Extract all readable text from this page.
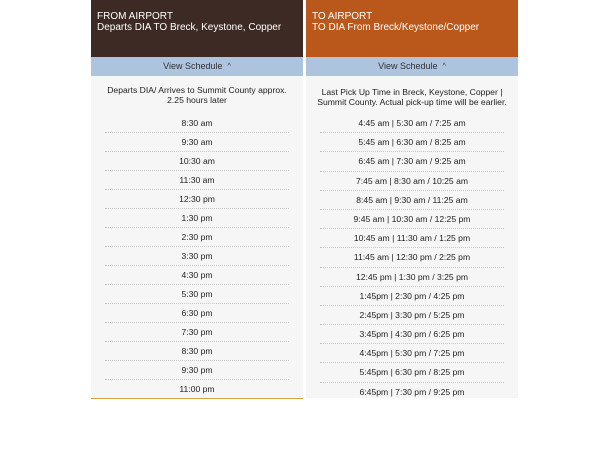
FROM AIRPORT
Departs DIA TO Breck, Keystone, Copper
View Schedule ^
Departs DIA/ Arrives to Summit County approx. 2.25 hours later
8:30 am
9:30 am
10:30 am
11:30 am
12:30 pm
1:30 pm
2:30 pm
3:30 pm
4:30 pm
5:30 pm
6:30 pm
7:30 pm
8:30 pm
9:30 pm
11:00 pm
TO AIRPORT
TO DIA From Breck/Keystone/Copper
View Schedule ^
Last Pick Up Time in Breck, Keystone, Copper | Summit County. Actual pick-up time will be earlier.
4:45 am | 5:30 am / 7:25 am
5:45 am | 6:30 am / 8:25 am
6:45 am | 7:30 am / 9:25 am
7:45 am | 8:30 am / 10:25 am
8:45 am | 9:30 am / 11:25 am
9:45 am | 10:30 am / 12:25 pm
10:45 am | 11:30 am / 1:25 pm
11:45 am | 12:30 pm / 2:25 pm
12:45 pm | 1:30 pm / 3:25 pm
1:45pm | 2:30 pm / 4:25 pm
2:45pm | 3:30 pm / 5:25 pm
3:45pm | 4:30 pm / 6:25 pm
4:45pm | 5:30 pm / 7:25 pm
5:45pm | 6:30 pm / 8:25 pm
6:45pm | 7:30 pm / 9:25 pm
